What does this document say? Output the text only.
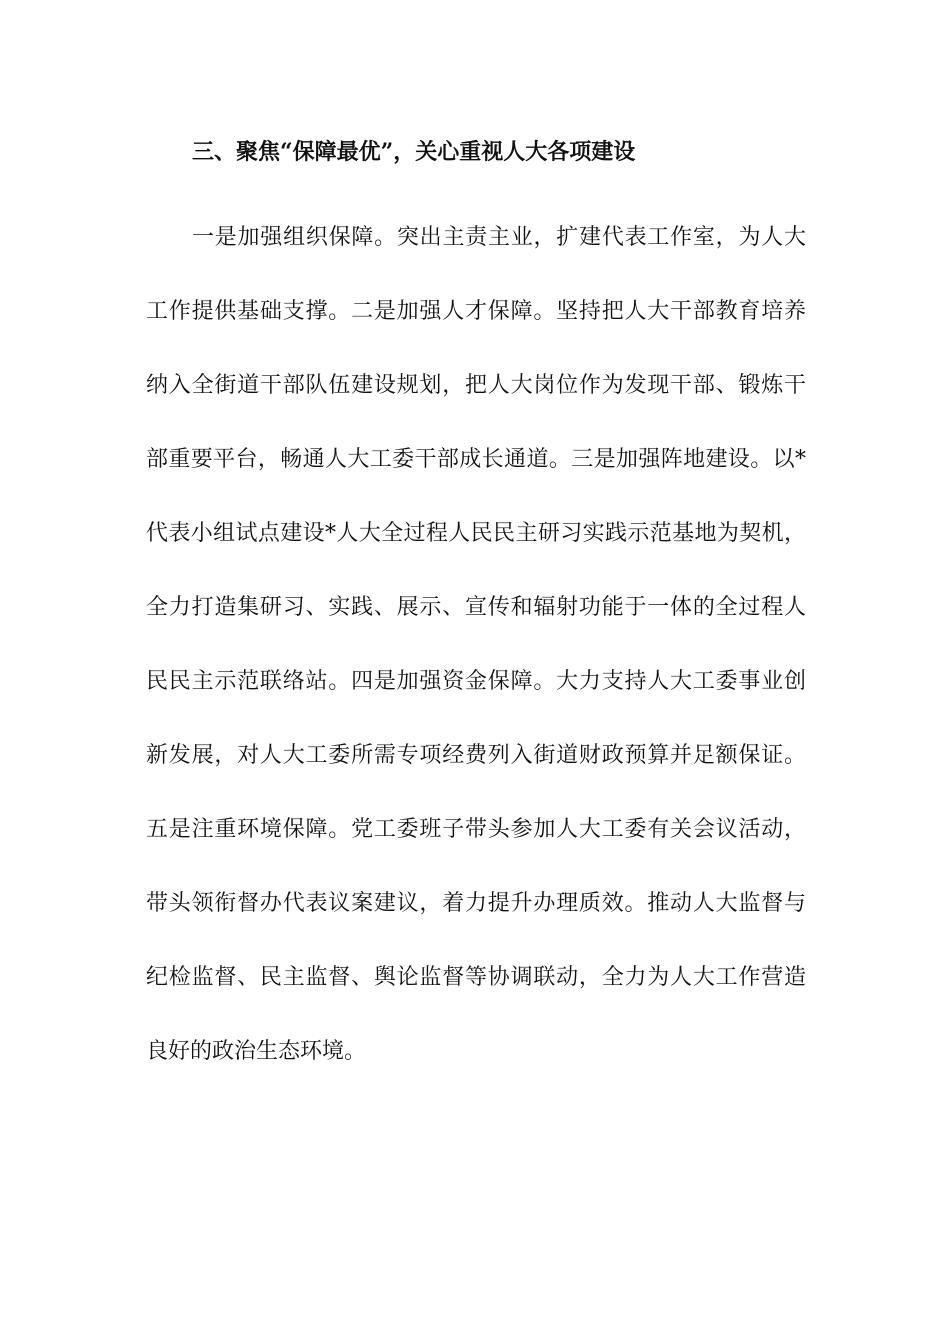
三、聚焦“保障最优”，关心重视人大各项建设
一是加强组织保障。突出主责主业，扩建代表工作室，为人大
工作提供基础支撑。二是加强人才保障。坚持把人大干部教育培养
纳入全街道干部队伍建设规划，把人大岗位作为发现干部、锻炼干
部重要平台，畅通人大工委干部成长通道。三是加强阵地建设。以*
代表小组试点建设*人大全过程人民民主研习实践示范基地为契机，
全力打造集研习、实践、展示、宣传和辐射功能于一体的全过程人
民民主示范联络站。四是加强资金保障。大力支持人大工委事业创
新发展，对人大工委所需专项经费列入街道财政预算并足额保证。
五是注重环境保障。党工委班子带头参加人大工委有关会议活动，
带头领衔督办代表议案建议，着力提升办理质效。推动人大监督与
纪检监督、民主监督、舆论监督等协调联动，全力为人大工作营造
良好的政治生态环境。
